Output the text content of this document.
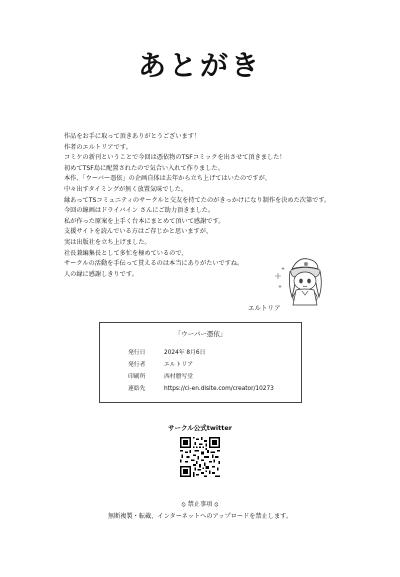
あとがき
作品をお手に取って頂きありがとうございます！
作者のエルトリアです。
コミケの新刊ということで今回は憑依物のTSFコミックを出させて頂きました！
初めてTSF島に配置されたので気合い入れて作りました。
本作、「ウーバー憑依」の企画自体は去年から立ち上げてはいたのですが、
中々出すタイミングが無く放置気味でした。
縁あってTSコミュニティのサークルと交友を持てたのがきっかけになり制作を決めた次第です。
今回の線画はドライバイン さんにご助力頂きました。
私が作った原案を上手く台本にまとめて頂いて感謝です。
支援サイトを読んでいる方はご存じかと思いますが、
実は出版社を立ち上げました。
社長兼編集長として多忙を極めているので、
サークルの活動を手伝って貰えるのは本当にありがたいですね。
人の縁に感謝しきりです。
エルトリア
「ウーバー憑依」
発行日	2024年 8月6日
発行者	エルトリア
印刷所	西村謄写堂
連絡先	https://ci-en.dlsite.com/creator/10273
サークル公式twitter
⦸ 禁止事項 ⦸
無断複製・転載、インターネットへのアップロードを禁止します。
